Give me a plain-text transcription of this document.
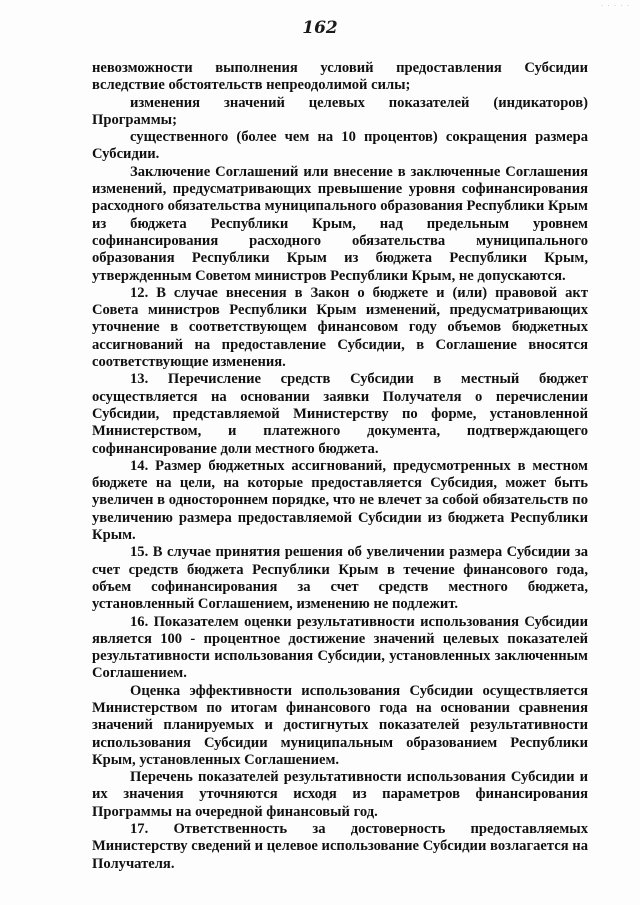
· · · · ·
162

невозможности выполнения условий предоставления Субсидии вследствие обстоятельств непреодолимой силы;

изменения значений целевых показателей (индикаторов) Программы;

существенного (более чем на 10 процентов) сокращения размера Субсидии.

Заключение Соглашений или внесение в заключенные Соглашения изменений, предусматривающих превышение уровня софинансирования расходного обязательства муниципального образования Республики Крым из бюджета Республики Крым, над предельным уровнем софинансирования расходного обязательства муниципального образования Республики Крым из бюджета Республики Крым, утвержденным Советом министров Республики Крым, не допускаются.

12. В случае внесения в Закон о бюджете и (или) правовой акт Совета министров Республики Крым изменений, предусматривающих уточнение в соответствующем финансовом году объемов бюджетных ассигнований на предоставление Субсидии, в Соглашение вносятся соответствующие изменения.

13. Перечисление средств Субсидии в местный бюджет осуществляется на основании заявки Получателя о перечислении Субсидии, представляемой Министерству по форме, установленной Министерством, и платежного документа, подтверждающего софинансирование доли местного бюджета.

14. Размер бюджетных ассигнований, предусмотренных в местном бюджете на цели, на которые предоставляется Субсидия, может быть увеличен в одностороннем порядке, что не влечет за собой обязательств по увеличению размера предоставляемой Субсидии из бюджета Республики Крым.

15. В случае принятия решения об увеличении размера Субсидии за счет средств бюджета Республики Крым в течение финансового года, объем софинансирования за счет средств местного бюджета, установленный Соглашением, изменению не подлежит.

16. Показателем оценки результативности использования Субсидии является 100 - процентное достижение значений целевых показателей результативности использования Субсидии, установленных заключенным Соглашением.

Оценка эффективности использования Субсидии осуществляется Министерством по итогам финансового года на основании сравнения значений планируемых и достигнутых показателей результативности использования Субсидии муниципальным образованием Республики Крым, установленных Соглашением.

Перечень показателей результативности использования Субсидии и их значения уточняются исходя из параметров финансирования Программы на очередной финансовый год.

17. Ответственность за достоверность предоставляемых Министерству сведений и целевое использование Субсидии возлагается на Получателя.
